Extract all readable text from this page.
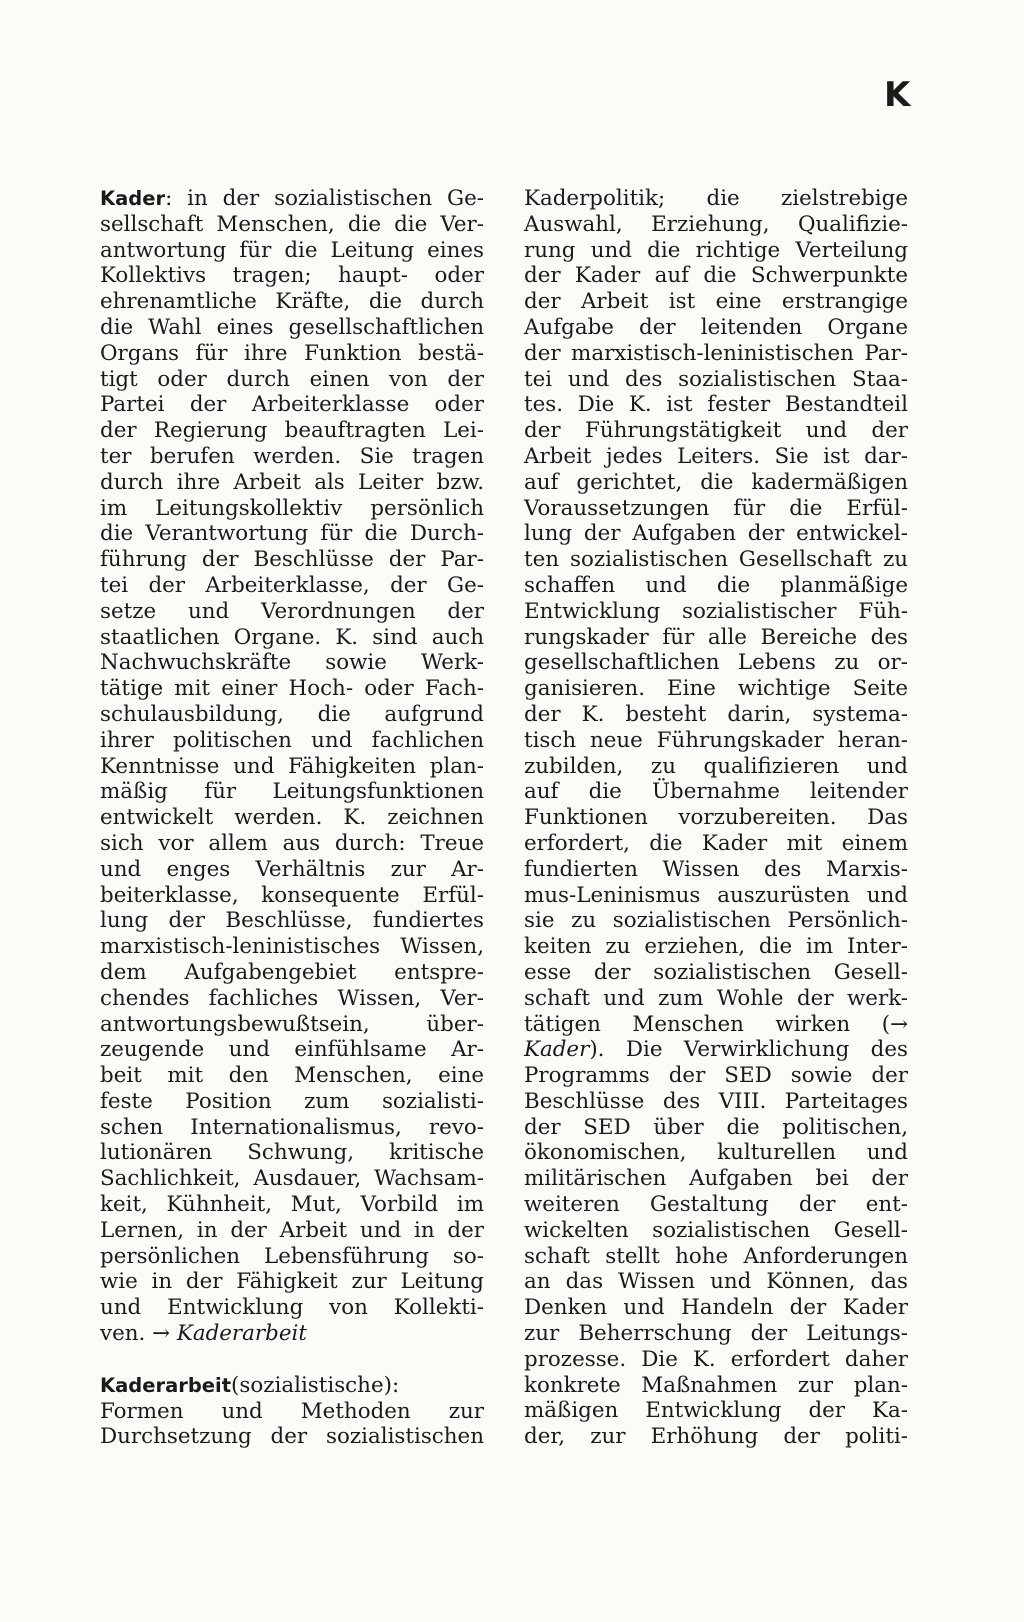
K
Kader: in der sozialistischen Ge-
sellschaft Menschen, die die Ver-
antwortung für die Leitung eines
Kollektivs tragen; haupt- oder
ehrenamtliche Kräfte, die durch
die Wahl eines gesellschaftlichen
Organs für ihre Funktion bestä-
tigt oder durch einen von der
Partei der Arbeiterklasse oder
der Regierung beauftragten Lei-
ter berufen werden. Sie tragen
durch ihre Arbeit als Leiter bzw.
im Leitungskollektiv persönlich
die Verantwortung für die Durch-
führung der Beschlüsse der Par-
tei der Arbeiterklasse, der Ge-
setze und Verordnungen der
staatlichen Organe. K. sind auch
Nachwuchskräfte sowie Werk-
tätige mit einer Hoch- oder Fach-
schulausbildung, die aufgrund
ihrer politischen und fachlichen
Kenntnisse und Fähigkeiten plan-
mäßig für Leitungsfunktionen
entwickelt werden. K. zeichnen
sich vor allem aus durch: Treue
und enges Verhältnis zur Ar-
beiterklasse, konsequente Erfül-
lung der Beschlüsse, fundiertes
marxistisch-leninistisches Wissen,
dem Aufgabengebiet entspre-
chendes fachliches Wissen, Ver-
antwortungsbewußtsein, über-
zeugende und einfühlsame Ar-
beit mit den Menschen, eine
feste Position zum sozialisti-
schen Internationalismus, revo-
lutionären Schwung, kritische
Sachlichkeit, Ausdauer, Wachsam-
keit, Kühnheit, Mut, Vorbild im
Lernen, in der Arbeit und in der
persönlichen Lebensführung so-
wie in der Fähigkeit zur Leitung
und Entwicklung von Kollekti-
ven. → Kaderarbeit
Kaderarbeit(sozialistische):
Formen und Methoden zur
Durchsetzung der sozialistischen
Kaderpolitik; die zielstrebige
Auswahl, Erziehung, Qualifizie-
rung und die richtige Verteilung
der Kader auf die Schwerpunkte
der Arbeit ist eine erstrangige
Aufgabe der leitenden Organe
der marxistisch-leninistischen Par-
tei und des sozialistischen Staa-
tes. Die K. ist fester Bestandteil
der Führungstätigkeit und der
Arbeit jedes Leiters. Sie ist dar-
auf gerichtet, die kadermäßigen
Voraussetzungen für die Erfül-
lung der Aufgaben der entwickel-
ten sozialistischen Gesellschaft zu
schaffen und die planmäßige
Entwicklung sozialistischer Füh-
rungskader für alle Bereiche des
gesellschaftlichen Lebens zu or-
ganisieren. Eine wichtige Seite
der K. besteht darin, systema-
tisch neue Führungskader heran-
zubilden, zu qualifizieren und
auf die Übernahme leitender
Funktionen vorzubereiten. Das
erfordert, die Kader mit einem
fundierten Wissen des Marxis-
mus-Leninismus auszurüsten und
sie zu sozialistischen Persönlich-
keiten zu erziehen, die im Inter-
esse der sozialistischen Gesell-
schaft und zum Wohle der werk-
tätigen Menschen wirken (→
Kader). Die Verwirklichung des
Programms der SED sowie der
Beschlüsse des VIII. Parteitages
der SED über die politischen,
ökonomischen, kulturellen und
militärischen Aufgaben bei der
weiteren Gestaltung der ent-
wickelten sozialistischen Gesell-
schaft stellt hohe Anforderungen
an das Wissen und Können, das
Denken und Handeln der Kader
zur Beherrschung der Leitungs-
prozesse. Die K. erfordert daher
konkrete Maßnahmen zur plan-
mäßigen Entwicklung der Ka-
der, zur Erhöhung der politi-
